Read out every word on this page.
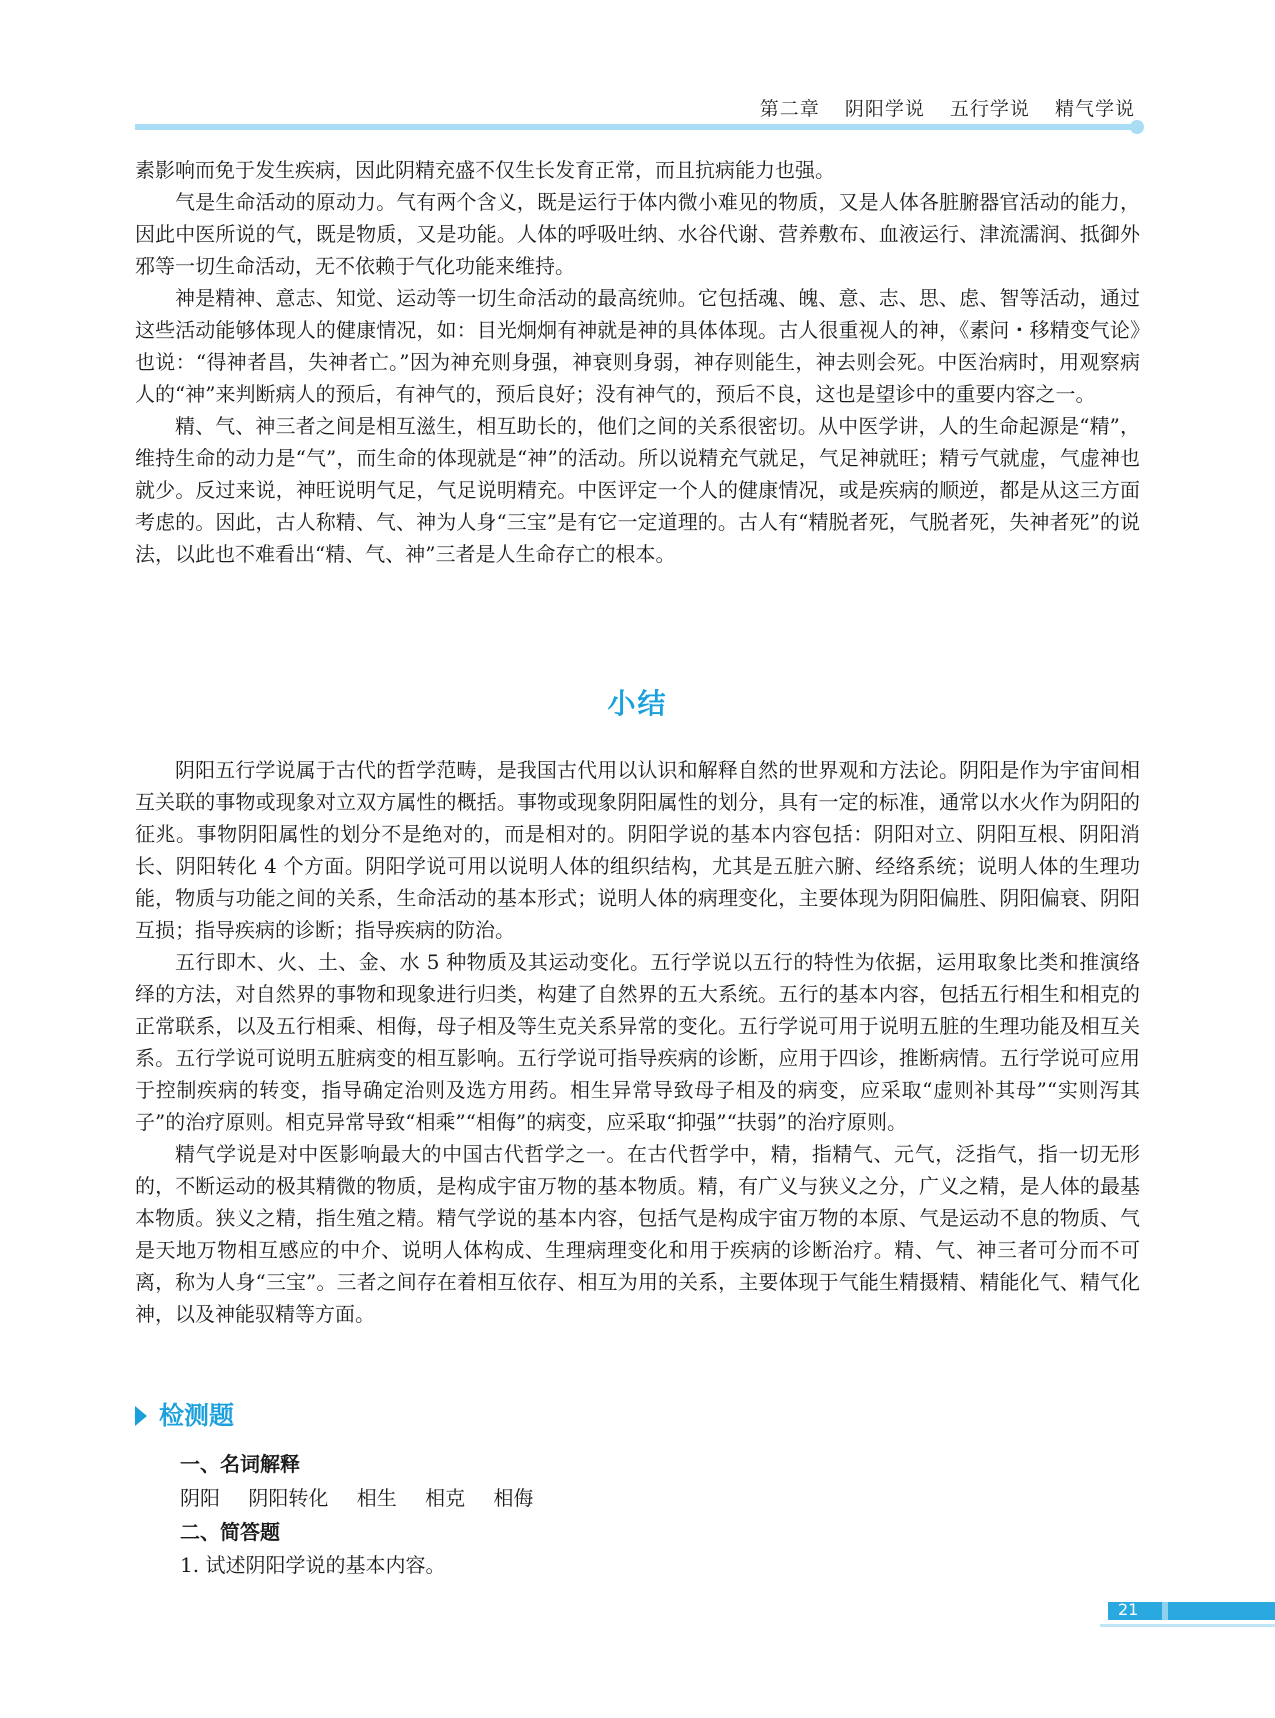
第二章 阴阳学说 五行学说 精气学说

素影响而免于发生疾病，因此阴精充盛不仅生长发育正常，而且抗病能力也强。

气是生命活动的原动力。气有两个含义，既是运行于体内微小难见的物质，又是人体各脏腑器官活动的能力，因此中医所说的气，既是物质，又是功能。人体的呼吸吐纳、水谷代谢、营养敷布、血液运行、津流濡润、抵御外邪等一切生命活动，无不依赖于气化功能来维持。

神是精神、意志、知觉、运动等一切生命活动的最高统帅。它包括魂、魄、意、志、思、虑、智等活动，通过这些活动能够体现人的健康情况，如：目光炯炯有神就是神的具体体现。古人很重视人的神，《素问・移精变气论》也说：“得神者昌，失神者亡。”因为神充则身强，神衰则身弱，神存则能生，神去则会死。中医治病时，用观察病人的“神”来判断病人的预后，有神气的，预后良好；没有神气的，预后不良，这也是望诊中的重要内容之一。

精、气、神三者之间是相互滋生，相互助长的，他们之间的关系很密切。从中医学讲，人的生命起源是“精”，维持生命的动力是“气”，而生命的体现就是“神”的活动。所以说精充气就足，气足神就旺；精亏气就虚，气虚神也就少。反过来说，神旺说明气足，气足说明精充。中医评定一个人的健康情况，或是疾病的顺逆，都是从这三方面考虑的。因此，古人称精、气、神为人身“三宝”是有它一定道理的。古人有“精脱者死，气脱者死，失神者死”的说法，以此也不难看出“精、气、神”三者是人生命存亡的根本。

小结

阴阳五行学说属于古代的哲学范畴，是我国古代用以认识和解释自然的世界观和方法论。阴阳是作为宇宙间相互关联的事物或现象对立双方属性的概括。事物或现象阴阳属性的划分，具有一定的标准，通常以水火作为阴阳的征兆。事物阴阳属性的划分不是绝对的，而是相对的。阴阳学说的基本内容包括：阴阳对立、阴阳互根、阴阳消长、阴阳转化 4 个方面。阴阳学说可用以说明人体的组织结构，尤其是五脏六腑、经络系统；说明人体的生理功能，物质与功能之间的关系，生命活动的基本形式；说明人体的病理变化，主要体现为阴阳偏胜、阴阳偏衰、阴阳互损；指导疾病的诊断；指导疾病的防治。

五行即木、火、土、金、水 5 种物质及其运动变化。五行学说以五行的特性为依据，运用取象比类和推演络绎的方法，对自然界的事物和现象进行归类，构建了自然界的五大系统。五行的基本内容，包括五行相生和相克的正常联系，以及五行相乘、相侮，母子相及等生克关系异常的变化。五行学说可用于说明五脏的生理功能及相互关系。五行学说可说明五脏病变的相互影响。五行学说可指导疾病的诊断，应用于四诊，推断病情。五行学说可应用于控制疾病的转变，指导确定治则及选方用药。相生异常导致母子相及的病变，应采取“虚则补其母”“实则泻其子”的治疗原则。相克异常导致“相乘”“相侮”的病变，应采取“抑强”“扶弱”的治疗原则。

精气学说是对中医影响最大的中国古代哲学之一。在古代哲学中，精，指精气、元气，泛指气，指一切无形的，不断运动的极其精微的物质，是构成宇宙万物的基本物质。精，有广义与狭义之分，广义之精，是人体的最基本物质。狭义之精，指生殖之精。精气学说的基本内容，包括气是构成宇宙万物的本原、气是运动不息的物质、气是天地万物相互感应的中介、说明人体构成、生理病理变化和用于疾病的诊断治疗。精、气、神三者可分而不可离，称为人身“三宝”。三者之间存在着相互依存、相互为用的关系，主要体现于气能生精摄精、精能化气、精气化神，以及神能驭精等方面。

检测题
一、名词解释
阴阳 阴阳转化 相生 相克 相侮
二、简答题
1. 试述阴阳学说的基本内容。
21
